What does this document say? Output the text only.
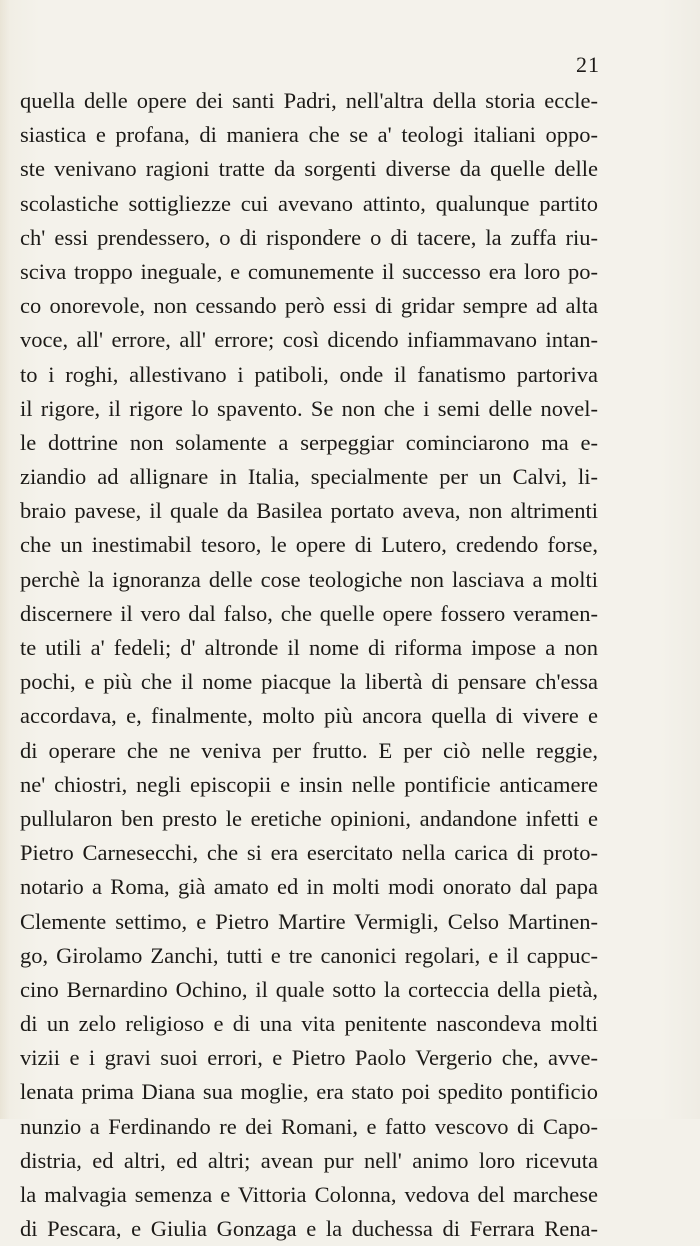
21
quella delle opere dei santi Padri, nell'altra della storia eccle-
siastica e profana, di maniera che se a' teologi italiani oppo-
ste venivano ragioni tratte da sorgenti diverse da quelle delle
scolastiche sottigliezze cui avevano attinto, qualunque partito
ch' essi prendessero, o di rispondere o di tacere, la zuffa riu-
sciva troppo ineguale, e comunemente il successo era loro po-
co onorevole, non cessando però essi di gridar sempre ad alta
voce, all' errore, all' errore; così dicendo infiammavano intan-
to i roghi, allestivano i patiboli, onde il fanatismo partoriva
il rigore, il rigore lo spavento. Se non che i semi delle novel-
le dottrine non solamente a serpeggiar cominciarono ma e-
ziandio ad allignare in Italia, specialmente per un Calvi, li-
braio pavese, il quale da Basilea portato aveva, non altrimenti
che un inestimabil tesoro, le opere di Lutero, credendo forse,
perchè la ignoranza delle cose teologiche non lasciava a molti
discernere il vero dal falso, che quelle opere fossero veramen-
te utili a' fedeli; d' altronde il nome di riforma impose a non
pochi, e più che il nome piacque la libertà di pensare ch'essa
accordava, e, finalmente, molto più ancora quella di vivere e
di operare che ne veniva per frutto. E per ciò nelle reggie,
ne' chiostri, negli episcopii e insin nelle pontificie anticamere
pullularon ben presto le eretiche opinioni, andandone infetti e
Pietro Carnesecchi, che si era esercitato nella carica di proto-
notario a Roma, già amato ed in molti modi onorato dal papa
Clemente settimo, e Pietro Martire Vermigli, Celso Martinen-
go, Girolamo Zanchi, tutti e tre canonici regolari, e il cappuc-
cino Bernardino Ochino, il quale sotto la corteccia della pietà,
di un zelo religioso e di una vita penitente nascondeva molti
vizii e i gravi suoi errori, e Pietro Paolo Vergerio che, avve-
lenata prima Diana sua moglie, era stato poi spedito pontificio
nunzio a Ferdinando re dei Romani, e fatto vescovo di Capo-
distria, ed altri, ed altri; avean pur nell' animo loro ricevuta
la malvagia semenza e Vittoria Colonna, vedova del marchese
di Pescara, e Giulia Gonzaga e la duchessa di Ferrara Rena-
